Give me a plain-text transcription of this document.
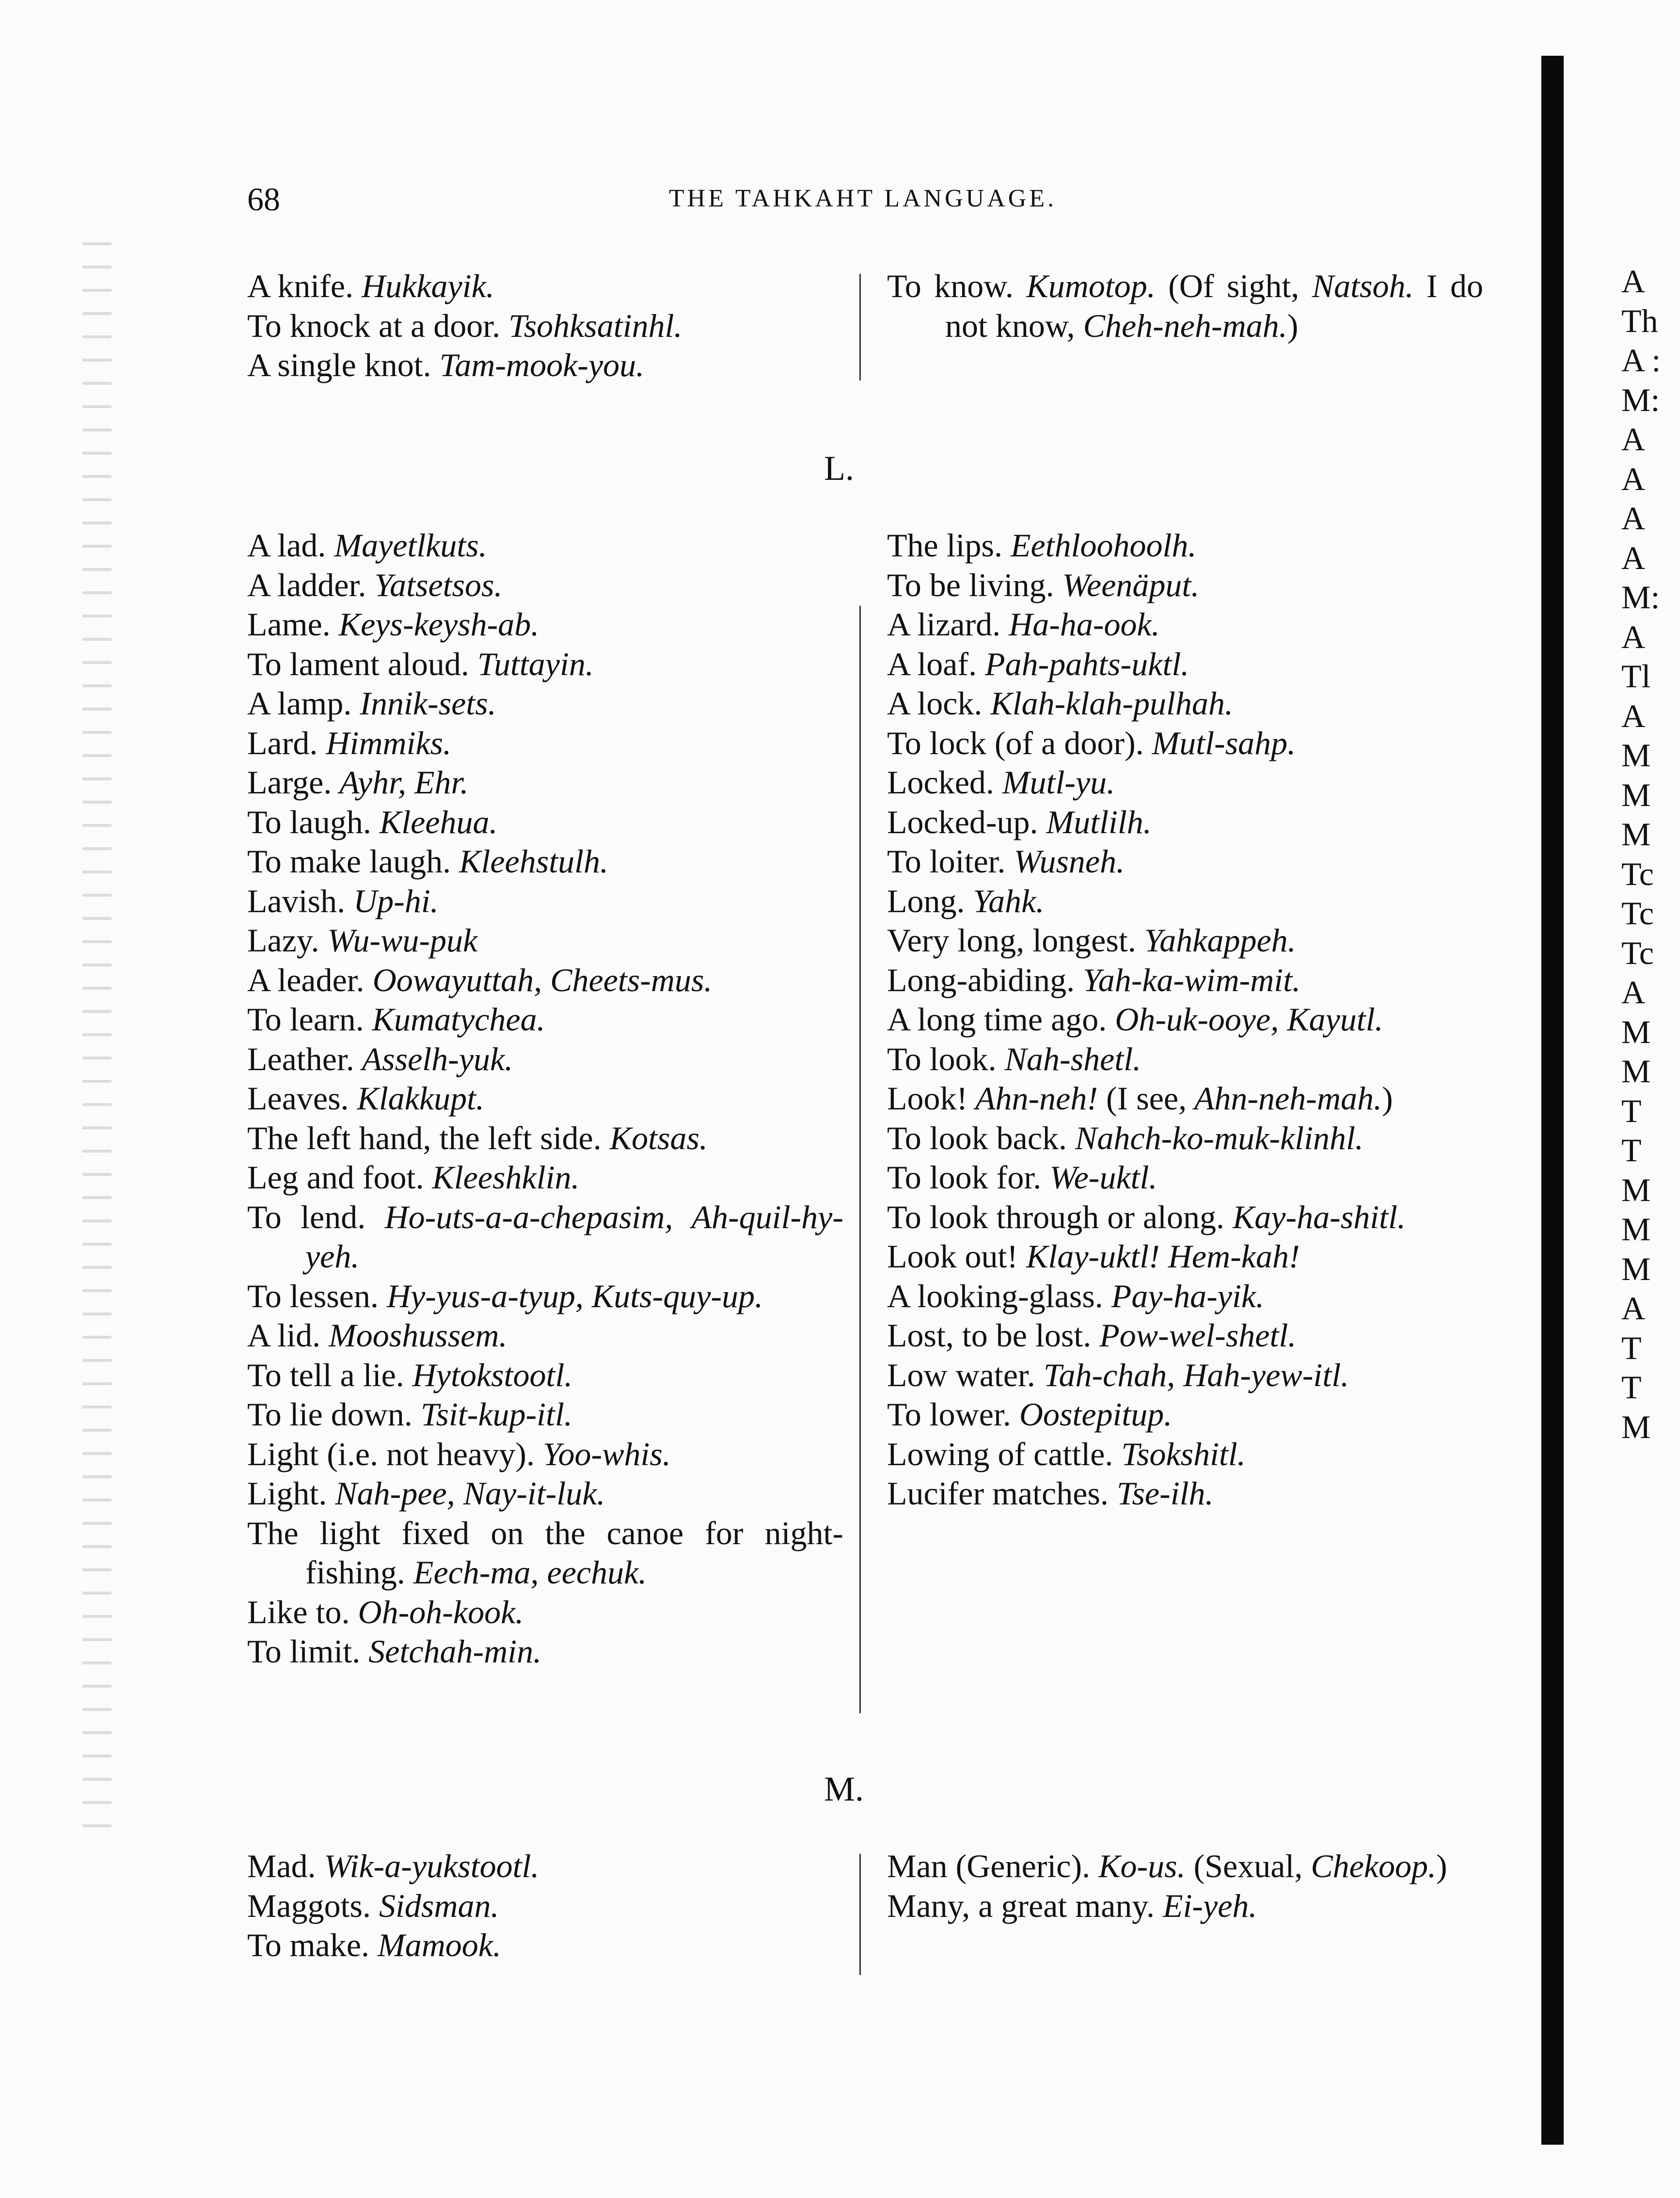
68	THE TAHKAHT LANGUAGE.
A knife. Hukkayik.
To knock at a door. Tsohksatinhl.
A single knot. Tam-mook-you.
To know. Kumotop. (Of sight, Natsoh. I do not know, Cheh-neh-mah.)
L.
A lad. Mayetlkuts.
A ladder. Yatsetsos.
Lame. Keys-keysh-ab.
To lament aloud. Tuttayin.
A lamp. Innik-sets.
Lard. Himmiks.
Large. Ayhr, Ehr.
To laugh. Kleehua.
To make laugh. Kleehstulh.
Lavish. Up-hi.
Lazy. Wu-wu-puk
A leader. Oowayuttah, Cheets-mus.
To learn. Kumatychea.
Leather. Asselh-yuk.
Leaves. Klakkupt.
The left hand, the left side. Kotsas.
Leg and foot. Kleeshklin.
To lend. Ho-uts-a-a-chepasim, Ah-quil-hy-yeh.
To lessen. Hy-yus-a-tyup, Kuts-quy-up.
A lid. Mooshussem.
To tell a lie. Hytokstootl.
To lie down. Tsit-kup-itl.
Light (i.e. not heavy). Yoo-whis.
Light. Nah-pee, Nay-it-luk.
The light fixed on the canoe for night-fishing. Eech-ma, eechuk.
Like to. Oh-oh-kook.
To limit. Setchah-min.
The lips. Eethloohoolh.
To be living. Weenäput.
A lizard. Ha-ha-ook.
A loaf. Pah-pahts-uktl.
A lock. Klah-klah-pulhah.
To lock (of a door). Mutl-sahp.
Locked. Mutl-yu.
Locked-up. Mutlilh.
To loiter. Wusneh.
Long. Yahk.
Very long, longest. Yahkappeh.
Long-abiding. Yah-ka-wim-mit.
A long time ago. Oh-uk-ooye, Kayutl.
To look. Nah-shetl.
Look! Ahn-neh! (I see, Ahn-neh-mah.)
To look back. Nahch-ko-muk-klinhl.
To look for. We-uktl.
To look through or along. Kay-ha-shitl.
Look out! Klay-uktl! Hem-kah!
A looking-glass. Pay-ha-yik.
Lost, to be lost. Pow-wel-shetl.
Low water. Tah-chah, Hah-yew-itl.
To lower. Oostepitup.
Lowing of cattle. Tsokshitl.
Lucifer matches. Tse-ilh.
M.
Mad. Wik-a-yukstootl.
Maggots. Sidsman.
To make. Mamook.
Man (Generic). Ko-us. (Sexual, Chekoop.)
Many, a great many. Ei-yeh.
A
Th
A :
M:
A
A
A
A
M:
A
Tl
A
M
M
M
Tc
Tc
Tc
A
M
M
T
T
M
M
M
A
T
T
M
